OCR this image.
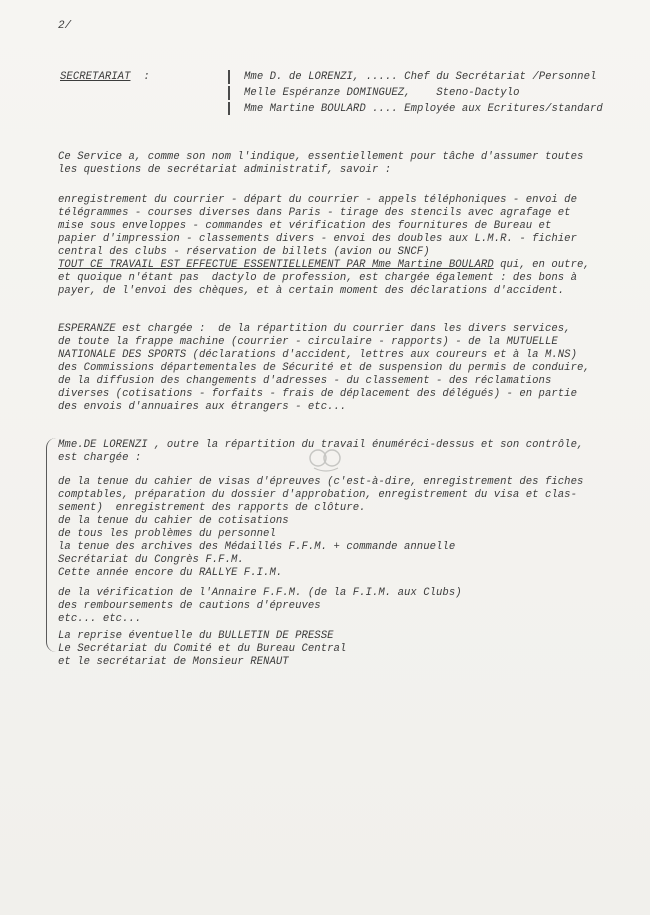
2/
SECRETARIAT :	Mme D. de LORENZI, ..... Chef du Secrétariat /Personnel
Melle Espéranze DOMINGUEZ,    Steno-Dactylo
Mme Martine BOULARD .... Employée aux Ecritures/standard
Ce Service a, comme son nom l'indique, essentiellement pour tâche d'assumer toutes
les questions de secrétariat administratif, savoir :
enregistrement du courrier - départ du courrier - appels téléphoniques - envoi de
télégrammes - courses diverses dans Paris - tirage des stencils avec agrafage et
mise sous enveloppes - commandes et vérification des fournitures de Bureau et
papier d'impression - classements divers - envoi des doubles aux L.M.R. - fichier
central des clubs - réservation de billets (avion ou SNCF)
TOUT CE TRAVAIL EST EFFECTUE ESSENTIELLEMENT PAR Mme Martine BOULARD qui, en outre,
et quoique n'étant pas  dactylo de profession, est chargée également : des bons à
payer, de l'envoi des chèques, et à certain moment des déclarations d'accident.
ESPERANZE est chargée :  de la répartition du courrier dans les divers services,
de toute la frappe machine (courrier - circulaire - rapports) - de la MUTUELLE
NATIONALE DES SPORTS (déclarations d'accident, lettres aux coureurs et à la M.NS)
des Commissions départementales de Sécurité et de suspension du permis de conduire,
de la diffusion des changements d'adresses - du classement - des réclamations
diverses (cotisations - forfaits - frais de déplacement des délégués) - en partie
des envois d'annuaires aux étrangers - etc...
Mme.DE LORENZI , outre la répartition du travail énuméréci-dessus et son contrôle,
est chargée :
de la tenue du cahier de visas d'épreuves (c'est-à-dire, enregistrement des fiches
comptables, préparation du dossier d'approbation, enregistrement du visa et clas-
sement)  enregistrement des rapports de clôture.
de la tenue du cahier de cotisations
de tous les problèmes du personnel
la tenue des archives des Médaillés F.F.M. + commande annuelle
Secrétariat du Congrès F.F.M.
Cette année encore du RALLYE F.I.M.
de la vérification de l'Annaire F.F.M. (de la F.I.M. aux Clubs)
des remboursements de cautions d'épreuves
etc... etc...
La reprise éventuelle du BULLETIN DE PRESSE
Le Secrétariat du Comité et du Bureau Central
et le secrétariat de Monsieur RENAUT
